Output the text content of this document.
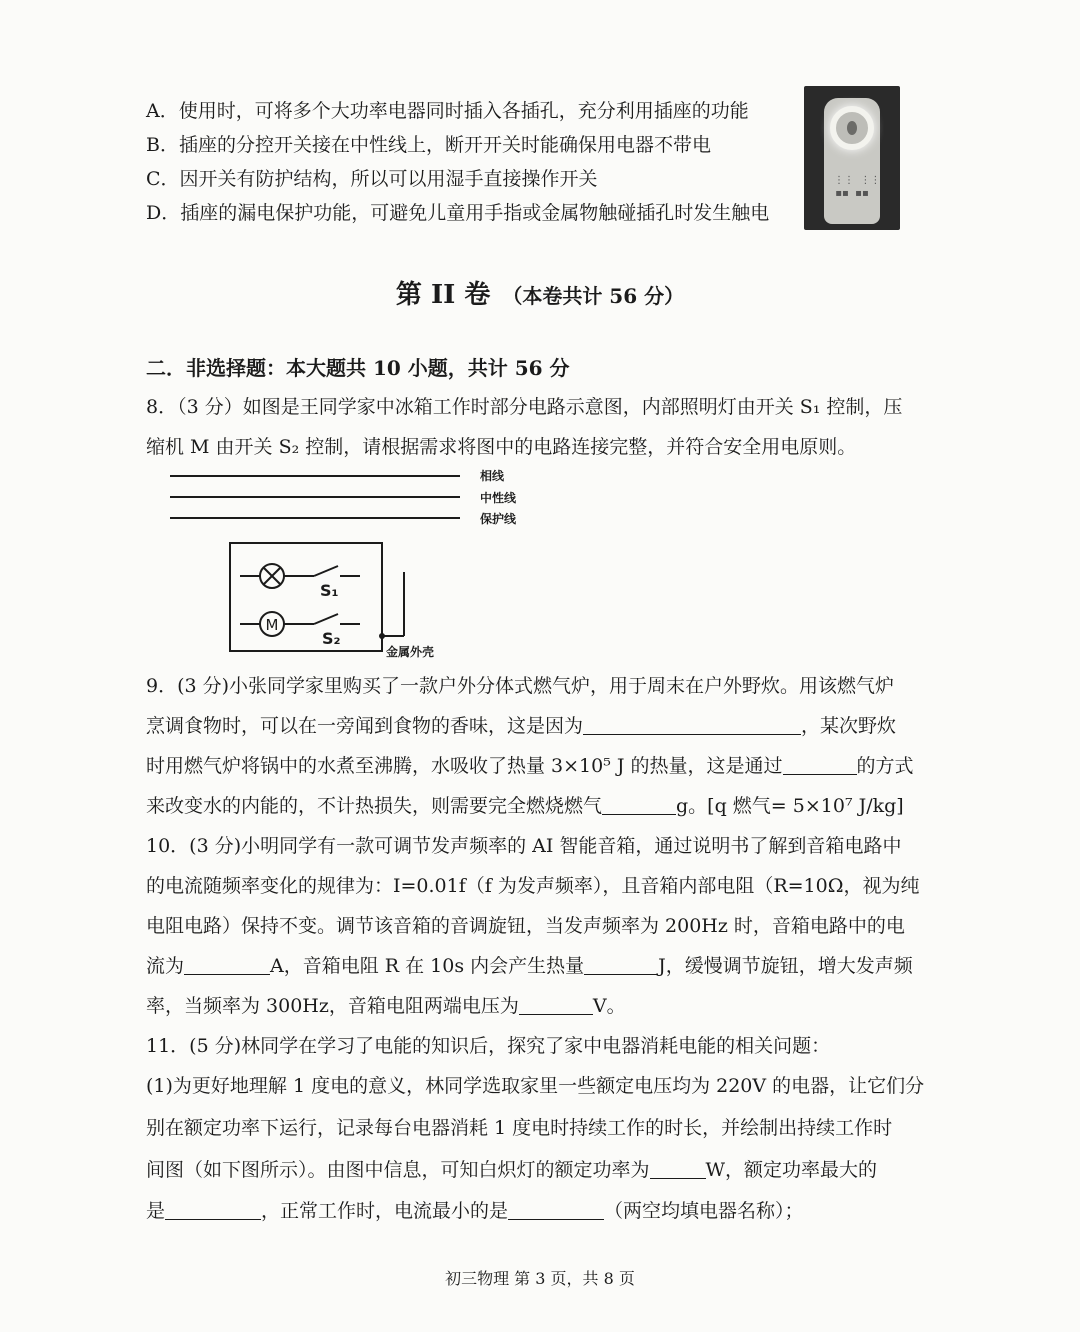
A．使用时，可将多个大功率电器同时插入各插孔，充分利用插座的功能
B．插座的分控开关接在中性线上，断开开关时能确保用电器不带电
C．因开关有防护结构，所以可以用湿手直接操作开关
D．插座的漏电保护功能，可避免儿童用手指或金属物触碰插孔时发生触电
⋮⋮  ⋮⋮
▪▪  ▪▪
第 II 卷 （本卷共计 56 分）
二．非选择题：本大题共 10 小题，共计 56 分
8．（3 分）如图是王同学家中冰箱工作时部分电路示意图，内部照明灯由开关 S₁ 控制，压
缩机 M 由开关 S₂ 控制，请根据需求将图中的电路连接完整，并符合安全用电原则。
M
S₁
S₂
相线
中性线
保护线
金属外壳
9．(3 分)小张同学家里购买了一款户外分体式燃气炉，用于周末在户外野炊。用该燃气炉
烹调食物时，可以在一旁闻到食物的香味，这是因为	，某次野炊
时用燃气炉将锅中的水煮至沸腾，水吸收了热量 3×10⁵ J 的热量，这是通过	的方式
来改变水的内能的，不计热损失，则需要完全燃烧燃气	g。[q 燃气= 5×10⁷ J/kg]
10．(3 分)小明同学有一款可调节发声频率的 AI 智能音箱，通过说明书了解到音箱电路中
的电流随频率变化的规律为：I=0.01f（f 为发声频率），且音箱内部电阻（R=10Ω，视为纯
电阻电路）保持不变。调节该音箱的音调旋钮，当发声频率为 200Hz 时，音箱电路中的电
流为	A，音箱电阻 R 在 10s 内会产生热量	J，缓慢调节旋钮，增大发声频
率，当频率为 300Hz，音箱电阻两端电压为	V。
11．(5 分)林同学在学习了电能的知识后，探究了家中电器消耗电能的相关问题：
(1)为更好地理解 1 度电的意义，林同学选取家里一些额定电压均为 220V 的电器，让它们分
别在额定功率下运行，记录每台电器消耗 1 度电时持续工作的时长，并绘制出持续工作时
间图（如下图所示）。由图中信息，可知白炽灯的额定功率为	W，额定功率最大的
是	，正常工作时，电流最小的是	（两空均填电器名称）；
初三物理 第 3 页，共 8 页
